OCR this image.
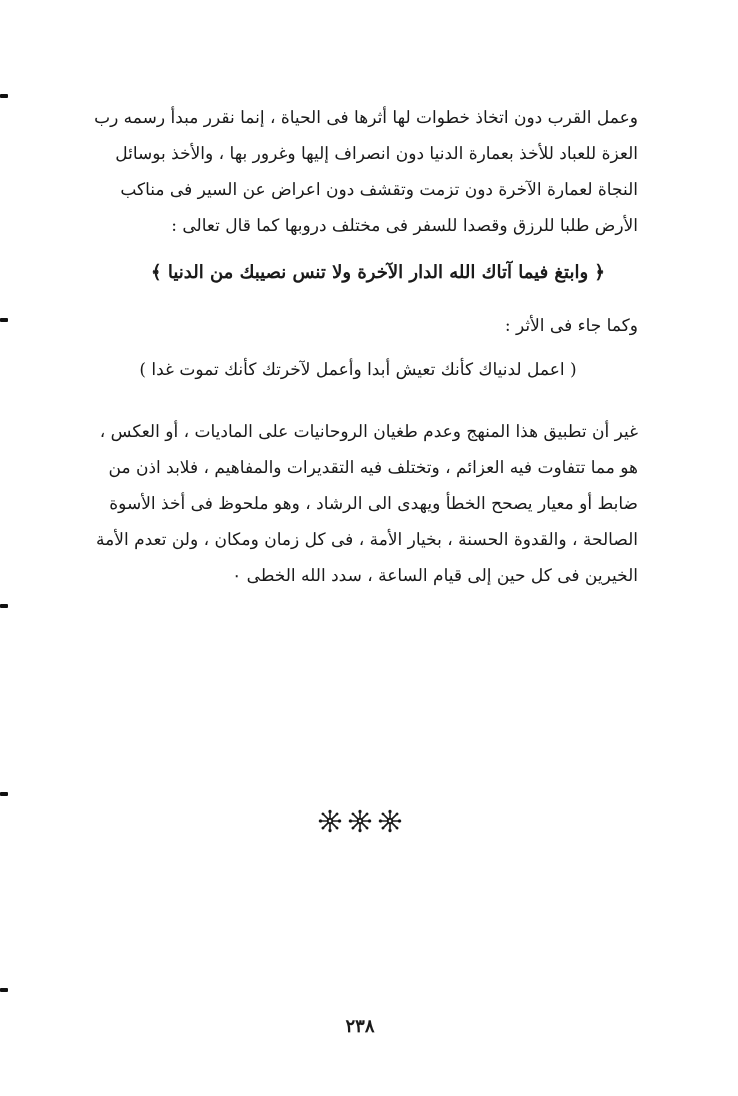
وعمل القرب دون اتخاذ خطوات لها أثرها فى الحياة ، إنما نقرر مبدأ رسمه رب
العزة للعباد للأخذ بعمارة الدنيا دون انصراف إليها وغرور بها ، والأخذ بوسائل
النجاة لعمارة الآخرة دون تزمت وتقشف دون اعراض عن السير فى مناكب
الأرض طلبا للرزق وقصدا للسفر فى مختلف دروبها كما قال تعالى :
﴿ وابتغ فيما آتاك الله الدار الآخرة ولا تنس نصيبك من الدنيا ﴾
وكما جاء فى الأثر :
( اعمل لدنياك كأنك تعيش أبدا وأعمل لآخرتك كأنك تموت غدا )
غير أن تطبيق هذا المنهج وعدم طغيان الروحانيات على الماديات ، أو العكس ،
هو مما تتفاوت فيه العزائم ، وتختلف فيه التقديرات والمفاهيم ، فلابد اذن من
ضابط أو معيار يصحح الخطأ ويهدى الى الرشاد ، وهو ملحوظ فى أخذ الأسوة
الصالحة ، والقدوة الحسنة ، بخيار الأمة ، فى كل زمان ومكان ، ولن تعدم الأمة
الخيرين فى كل حين إلى قيام الساعة ، سدد الله الخطى ٠
٢٣٨
